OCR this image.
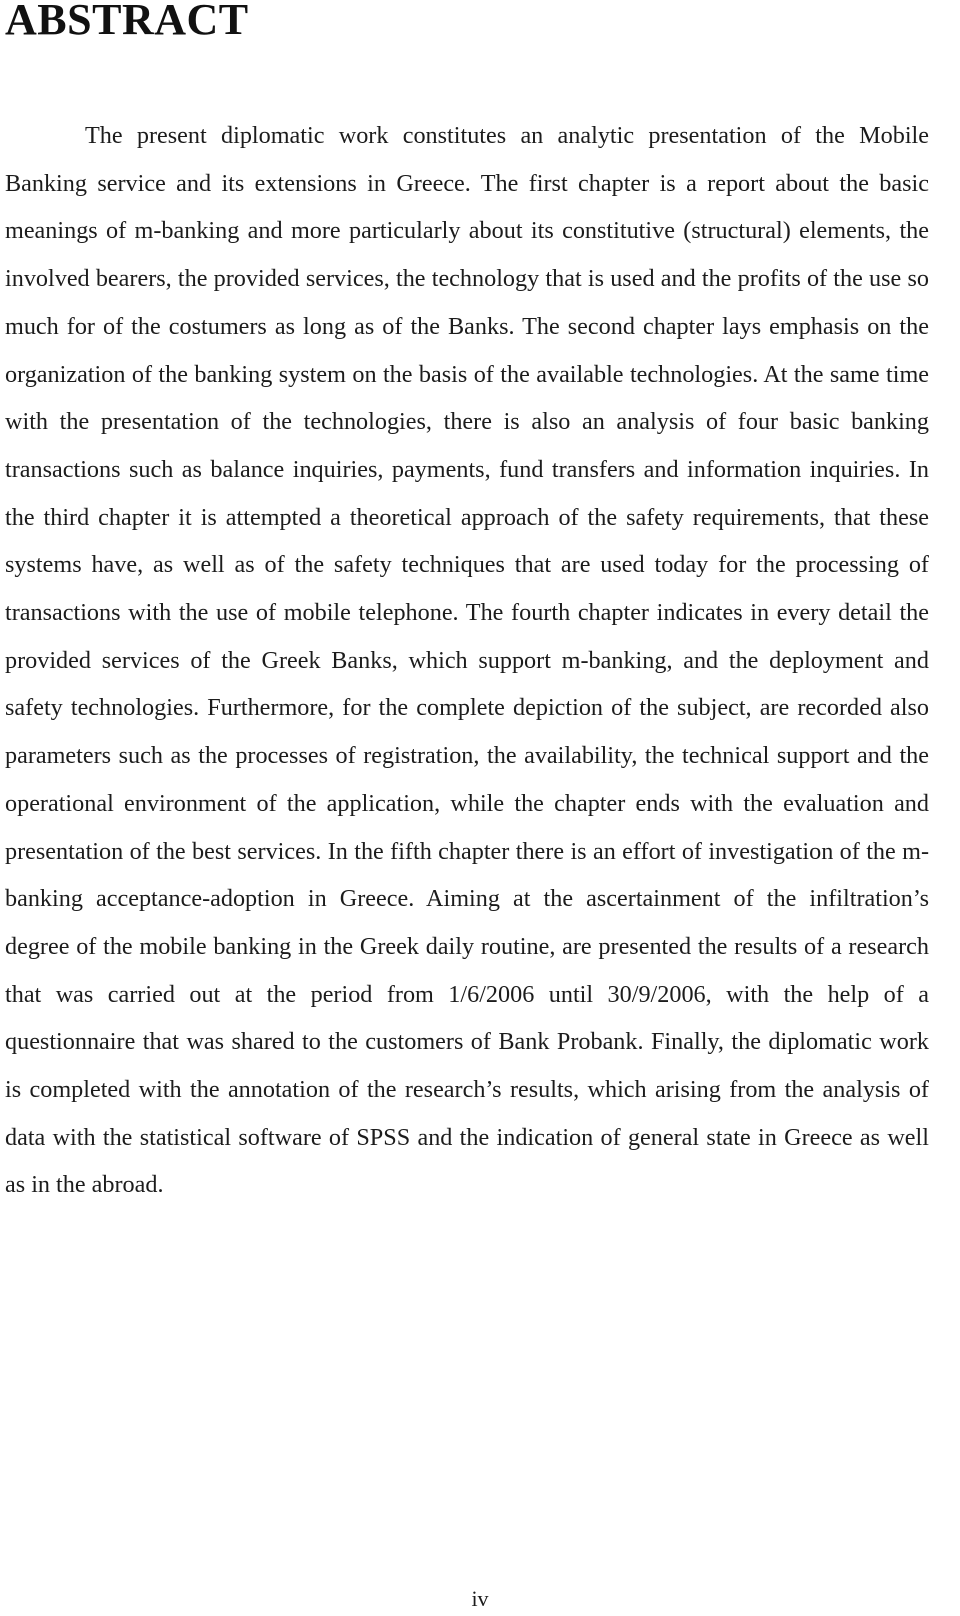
ABSTRACT

The present diplomatic work constitutes an analytic presentation of the Mobile Banking service and its extensions in Greece. The first chapter is a report about the basic meanings of m-banking and more particularly about its constitutive (structural) elements, the involved bearers, the provided services, the technology that is used and the profits of the use so much for of the costumers as long as of the Banks. The second chapter lays emphasis on the organization of the banking system on the basis of the available technologies. At the same time with the presentation of the technologies, there is also an analysis of four basic banking transactions such as balance inquiries, payments, fund transfers and information inquiries. In the third chapter it is attempted a theoretical approach of the safety requirements, that these systems have, as well as of the safety techniques that are used today for the processing of transactions with the use of mobile telephone. The fourth chapter indicates in every detail the provided services of the Greek Banks, which support m-banking, and the deployment and safety technologies. Furthermore, for the complete depiction of the subject, are recorded also parameters such as the processes of registration, the availability, the technical support and the operational environment of the application, while the chapter ends with the evaluation and presentation of the best services. In the fifth chapter there is an effort of investigation of the m-banking acceptance-adoption in Greece. Aiming at the ascertainment of the infiltration’s degree of the mobile banking in the Greek daily routine, are presented the results of a research that was carried out at the period from 1/6/2006 until 30/9/2006, with the help of a questionnaire that was shared to the customers of Bank Probank. Finally, the diplomatic work is completed with the annotation of the research’s results, which arising from the analysis of data with the statistical software of SPSS and the indication of general state in Greece as well as in the abroad.

iv
